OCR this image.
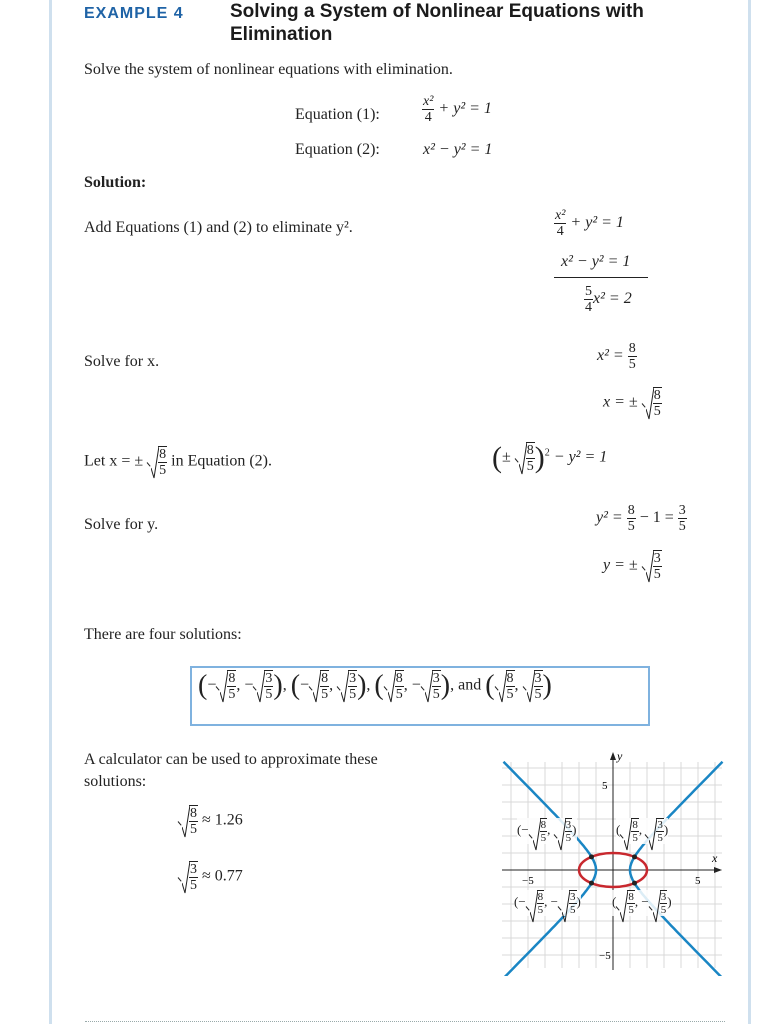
EXAMPLE 4 Solving a System of Nonlinear Equations with Elimination
Solve the system of nonlinear equations with elimination.
Equation (1):	$\frac{\text{x²}}{4} + y^2 = 1$
Equation (2):	x² − y² = 1
Solution:
Add Equations (1) and (2) to eliminate y².	$\frac{\text{x²}}{4} + y^2 = 1$
x² − y² = 1
$\frac{5}{4} x^2 = 2$
Solve for x.	$x^2 = \frac{8}{5}$
x = ± $\frac{8}{5}$
Let x = ± $\frac{8}{5}$ in Equation (2).	(± $\frac{8}{5} )^2 - y^2 = 1$
Solve for y.	$y^2 = \frac{8}{5} - 1 = \frac{3}{5}$
y = ± $\frac{3}{5}$
There are four solutions:
(− $\frac{8}{5}$ , − $\frac{3}{5}$ ), (− $\frac{8}{5}$ , $\frac{3}{5}$ ), ( $\frac{8}{5}$ , − $\frac{3}{5}$ ), and ( $\frac{8}{5}$ , $\frac{3}{5}$ )
A calculator can be used to approximate these solutions:
$\frac{8}{5} \approx 1.26$
$\frac{3}{5} \approx 0.77$
x
y
5
−5
5
−5
(− $\frac{8}{5}$ , $\frac{3}{5}$ )	( $\frac{8}{5}$ , $\frac{3}{5}$ )
(− $\frac{8}{5}$ , − $\frac{3}{5}$ ) ( $\frac{8}{5}$ , − $\frac{3}{5}$ )
